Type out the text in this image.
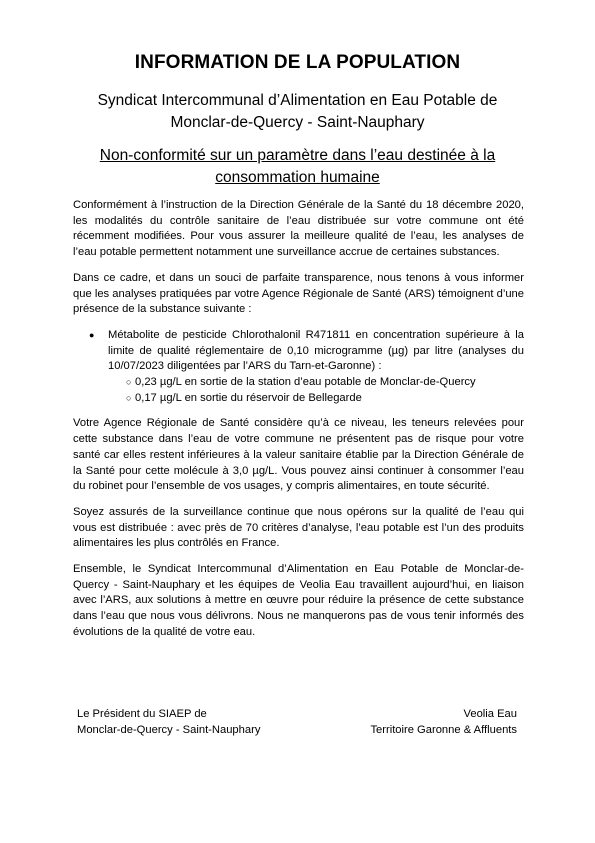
INFORMATION DE LA POPULATION
Syndicat Intercommunal d’Alimentation en Eau Potable de
Monclar-de-Quercy - Saint-Nauphary
Non-conformité sur un paramètre dans l’eau destinée à la
consommation humaine

Conformément à l’instruction de la Direction Générale de la Santé du 18 décembre 2020, les modalités du contrôle sanitaire de l’eau distribuée sur votre commune ont été récemment modifiées. Pour vous assurer la meilleure qualité de l’eau, les analyses de l’eau potable permettent notamment une surveillance accrue de certaines substances.

Dans ce cadre, et dans un souci de parfaite transparence, nous tenons à vous informer que les analyses pratiquées par votre Agence Régionale de Santé (ARS) témoignent d’une présence de la substance suivante :

● Métabolite de pesticide Chlorothalonil R471811 en concentration supérieure à la limite de qualité réglementaire de 0,10 microgramme (µg) par litre (analyses du 10/07/2023 diligentées par l’ARS du Tarn-et-Garonne) :
○ 0,23 µg/L en sortie de la station d’eau potable de Monclar-de-Quercy
○ 0,17 µg/L en sortie du réservoir de Bellegarde

Votre Agence Régionale de Santé considère qu’à ce niveau, les teneurs relevées pour cette substance dans l’eau de votre commune ne présentent pas de risque pour votre santé car elles restent inférieures à la valeur sanitaire établie par la Direction Générale de la Santé pour cette molécule à 3,0 µg/L. Vous pouvez ainsi continuer à consommer l’eau du robinet pour l’ensemble de vos usages, y compris alimentaires, en toute sécurité.

Soyez assurés de la surveillance continue que nous opérons sur la qualité de l’eau qui vous est distribuée : avec près de 70 critères d’analyse, l’eau potable est l’un des produits alimentaires les plus contrôlés en France.

Ensemble, le Syndicat Intercommunal d’Alimentation en Eau Potable de Monclar-de-Quercy - Saint-Nauphary et les équipes de Veolia Eau travaillent aujourd’hui, en liaison avec l’ARS, aux solutions à mettre en œuvre pour réduire la présence de cette substance dans l’eau que nous vous délivrons. Nous ne manquerons pas de vous tenir informés des évolutions de la qualité de votre eau.

Le Président du SIAEP de
Monclar-de-Quercy - Saint-Nauphary
Veolia Eau
Territoire Garonne & Affluents
